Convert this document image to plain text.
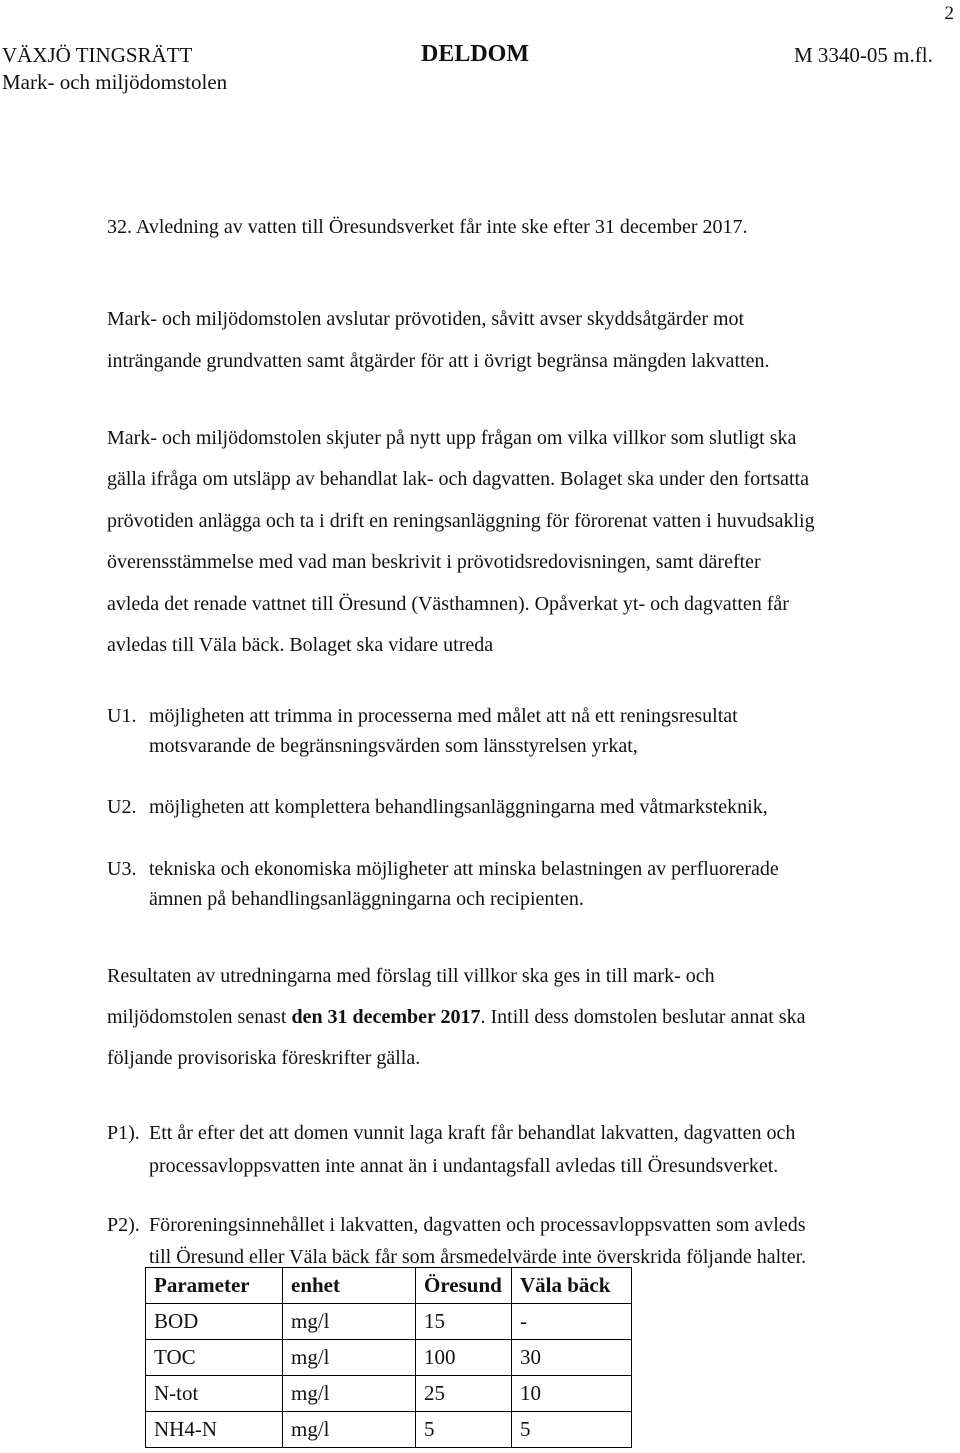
2
VÄXJÖ TINGSRÄTT
Mark- och miljödomstolen
DELDOM	M 3340-05 m.fl.
32. Avledning av vatten till Öresundsverket får inte ske efter 31 december 2017.
Mark- och miljödomstolen avslutar prövotiden, såvitt avser skyddsåtgärder mot
inträngande grundvatten samt åtgärder för att i övrigt begränsa mängden lakvatten.
Mark- och miljödomstolen skjuter på nytt upp frågan om vilka villkor som slutligt ska
gälla ifråga om utsläpp av behandlat lak- och dagvatten. Bolaget ska under den fortsatta
prövotiden anlägga och ta i drift en reningsanläggning för förorenat vatten i huvudsaklig
överensstämmelse med vad man beskrivit i prövotidsredovisningen, samt därefter
avleda det renade vattnet till Öresund (Västhamnen). Opåverkat yt- och dagvatten får
avledas till Väla bäck. Bolaget ska vidare utreda
U1. möjligheten att trimma in processerna med målet att nå ett reningsresultat
motsvarande de begränsningsvärden som länsstyrelsen yrkat,
U2. möjligheten att komplettera behandlingsanläggningarna med våtmarksteknik,
U3. tekniska och ekonomiska möjligheter att minska belastningen av perfluorerade
ämnen på behandlingsanläggningarna och recipienten.
Resultaten av utredningarna med förslag till villkor ska ges in till mark- och
miljödomstolen senast den 31 december 2017. Intill dess domstolen beslutar annat ska
följande provisoriska föreskrifter gälla.
P1). Ett år efter det att domen vunnit laga kraft får behandlat lakvatten, dagvatten och
processavloppsvatten inte annat än i undantagsfall avledas till Öresundsverket.
P2). Föroreningsinnehållet i lakvatten, dagvatten och processavloppsvatten som avleds
till Öresund eller Väla bäck får som årsmedelvärde inte överskrida följande halter.
Parameter	enhet	Öresund	Väla bäck
BOD	mg/l	15	-
TOC	mg/l	100	30
N-tot	mg/l	25	10
NH4-N	mg/l	5	5
